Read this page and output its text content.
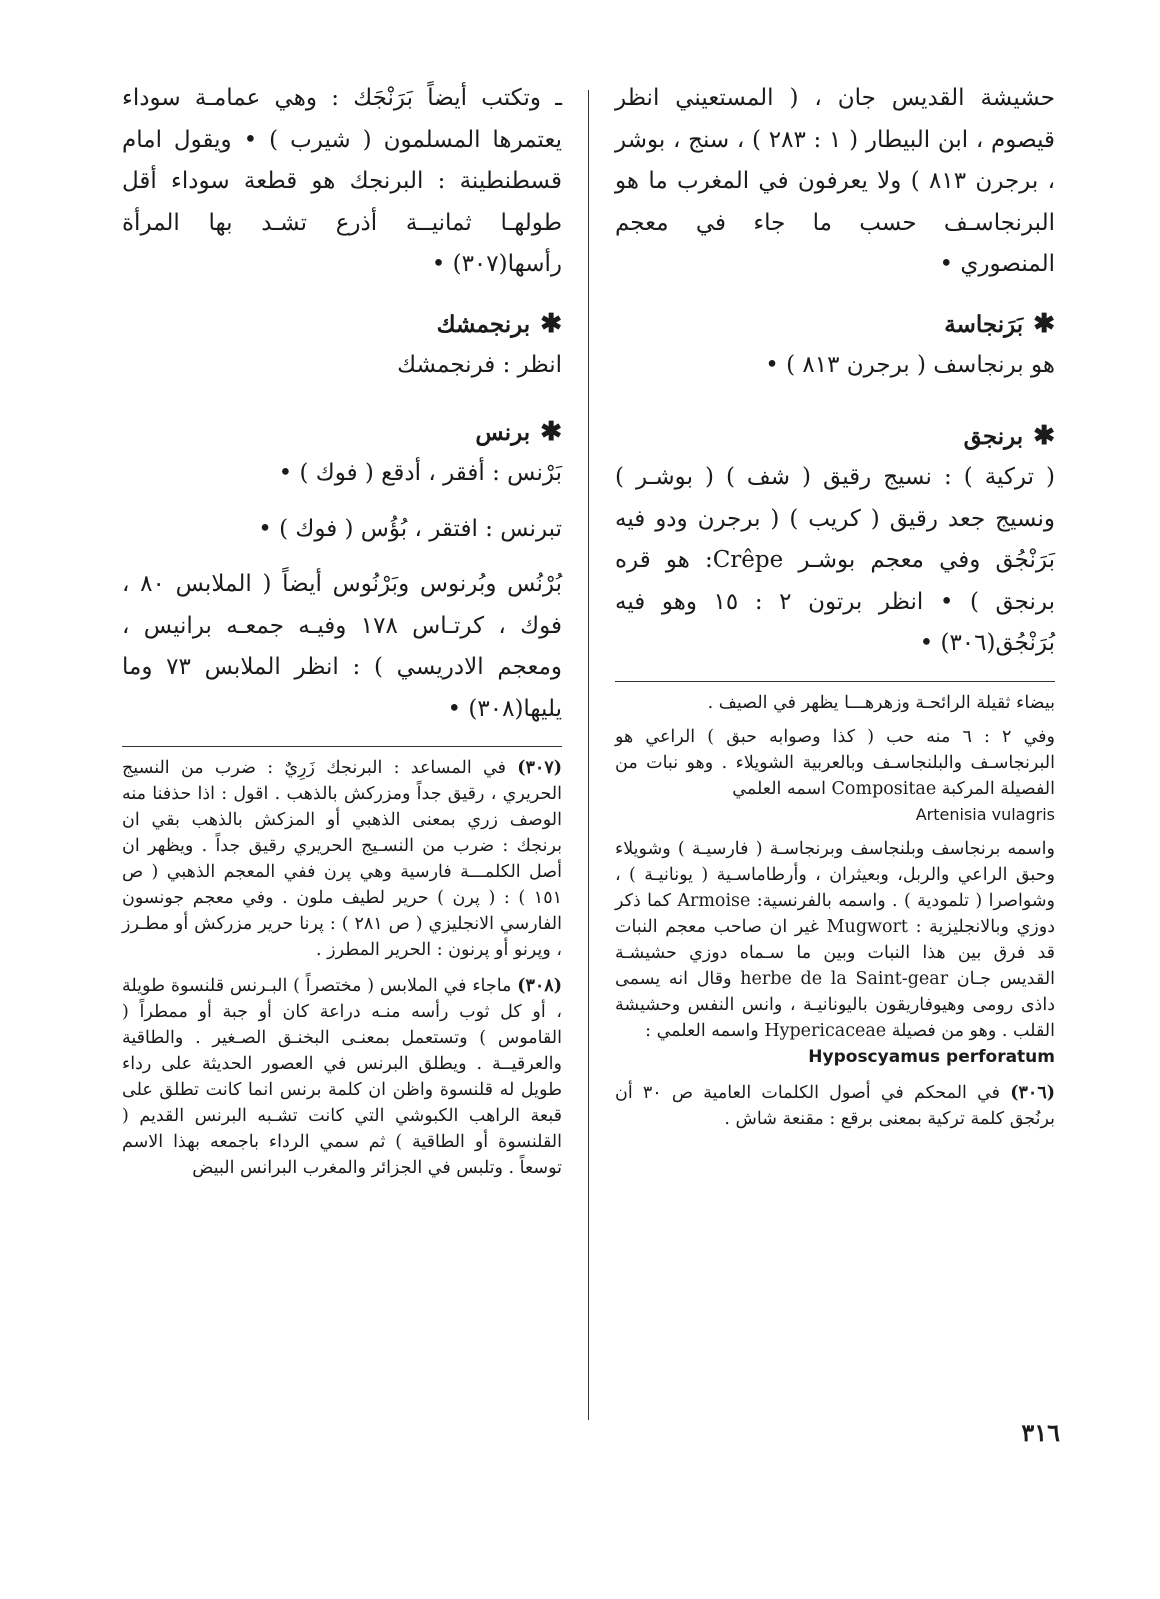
حشيشة القديس جان ، ( المستعيني انظر قيصوم ، ابن البيطار ( ١ : ٢٨٣ ) ، سنج ، بوشر ، برجرن ٨١٣ ) ولا يعرفون في المغرب ما هو البرنجاسـف حسب ما جاء في معجم المنصوري •

✱بَرَنجاسة

هو برنجاسف ( برجرن ٨١٣ ) •

✱برنجق

( تركية ) : نسيج رقيق ( شف ) ( بوشـر ) ونسيج جعد رقيق ( كريب ) ( برجرن ودو فيه بَرَنْجُق وفي معجم بوشـر Crêpe: هو قره برنجق ) • انظر برتون ٢ : ١٥ وهو فيه بُرَنْجُق(٣٠٦) •

بيضاء ثقيلة الرائحـة وزهرهـــا يظهر في الصيف .

وفي ٢ : ٦ منه حب ( كذا وصوابه حبق ) الراعي هو البرنجاسـف والبلنجاسـف وبالعربية الشويلاء . وهو نبات من الفصيلة المركبة Compositae اسمه العلمي

Artenisia vulagris

واسمه برنجاسف وبلنجاسف وبرنجاسـة ( فارسيـة ) وشويلاء وحبق الراعي والربل، وبعيثران ، وأرطاماسـية ( يونانيـة ) ، وشواصرا ( تلمودية ) . واسمه بالفرنسية: Armoise كما ذكر دوزي وبالانجليزية : Mugwort غير ان صاحب معجم النبات قد فرق بين هذا النبات وبين ما سـماه دوزي حشيشـة القديس جـان herbe de la Saint-gear وقال انه يسمى داذى رومى وهيوفاريقون باليونانيـة ، وانس النفس وحشيشة القلب . وهو من فصيلة Hypericaceae واسمه العلمي :

Hyposcyamus perforatum

(٣٠٦) في المحكم في أصول الكلمات العامية ص ٣٠ أن برنُجق كلمة تركية بمعنى برقع : مقنعة شاش .

ـ وتكتب أيضاً بَرَنْجَك : وهي عمامـة سوداء يعتمرها المسلمون ( شيرب ) • ويقول امام قسطنطينة : البرنجك هو قطعة سوداء أقل طولهـا ثمانيــة أذرع تشـد بها المرأة رأسها(٣٠٧) •

✱برنجمشك

انظر : فرنجمشك

✱برنس

بَرْنس : أفقر ، أدقع ( فوك ) •

تبرنس : افتقر ، بُؤُس ( فوك ) •

بُرْنُس وبُرنوس وبَرْنُوس أيضاً ( الملابس ٨٠ ، فوك ، كرتـاس ١٧٨ وفيـه جمعـه برانيس ، ومعجم الادريسي ) : انظر الملابس ٧٣ وما يليها(٣٠٨) •

(٣٠٧) في المساعد : البرنجك زَرِيٌ : ضرب من النسيج الحريري ، رقيق جداً ومزركش بالذهب . اقول : اذا حذفنا منه الوصف زري بمعنى الذهبي أو المزكش بالذهب بقي ان برنجك : ضرب من النسـيج الحريري رقيق جداً . ويظهر ان أصل الكلمـــة فارسية وهي پرن ففي المعجم الذهبي ( ص ١٥١ ) : ( پرن ) حرير لطيف ملون . وفي معجم جونسون الفارسي الانجليزي ( ص ٢٨١ ) : پرنا حرير مزركش أو مطـرز ، وپرنو أو پرنون : الحرير المطرز .

(٣٠٨) ماجاء في الملابس ( مختصراً ) البـرنس قلنسوة طويلة ، أو كل ثوب رأسه منـه دراعة كان أو جبة أو ممطراً ( القاموس ) وتستعمل بمعنـى البخنـق الصـغير . والطاقية والعرقيــة . ويطلق البرنس في العصور الحديثة على رداء طويل له قلنسوة واظن ان كلمة برنس انما كانت تطلق على قبعة الراهب الكبوشي التي كانت تشـبه البرنس القديم ( القلنسوة أو الطاقية ) ثم سمي الرداء باجمعه بهذا الاسم توسعاً . وتلبس في الجزائر والمغرب البرانس البيض

٣١٦
